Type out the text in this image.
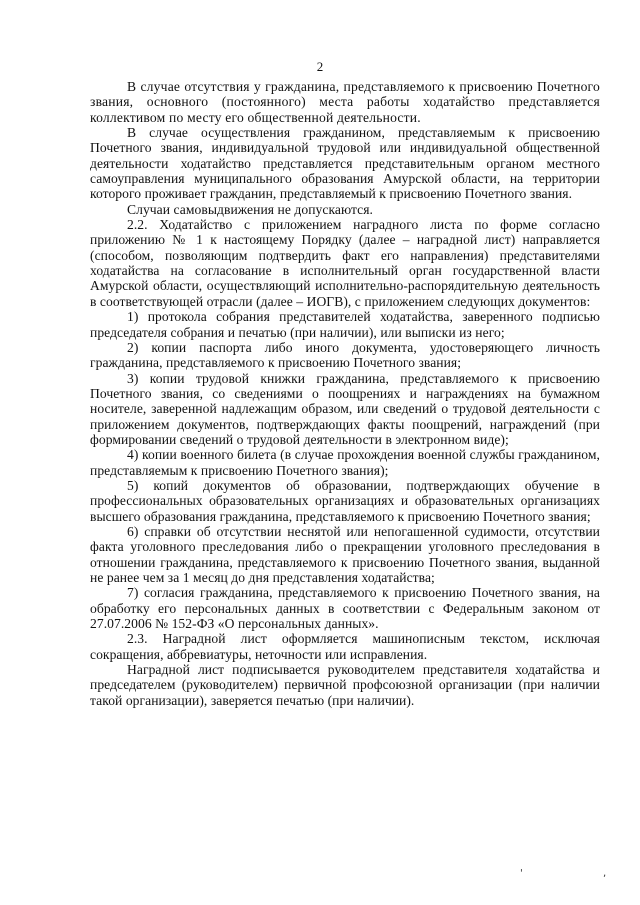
2

В случае отсутствия у гражданина, представляемого к присвоению Почетного звания, основного (постоянного) места работы ходатайство представляется коллективом по месту его общественной деятельности.

В случае осуществления гражданином, представляемым к присвоению Почетного звания, индивидуальной трудовой или индивидуальной общественной деятельности ходатайство представляется представительным органом местного самоуправления муниципального образования Амурской области, на территории которого проживает гражданин, представляемый к присвоению Почетного звания.

Случаи самовыдвижения не допускаются.

2.2. Ходатайство с приложением наградного листа по форме согласно приложению № 1 к настоящему Порядку (далее – наградной лист) направляется (способом, позволяющим подтвердить факт его направления) представителями ходатайства на согласование в исполнительный орган государственной власти Амурской области, осуществляющий исполнительно-распорядительную деятельность в соответствующей отрасли (далее – ИОГВ), с приложением следующих документов:

1) протокола собрания представителей ходатайства, заверенного подписью председателя собрания и печатью (при наличии), или выписки из него;

2) копии паспорта либо иного документа, удостоверяющего личность гражданина, представляемого к присвоению Почетного звания;

3) копии трудовой книжки гражданина, представляемого к присвоению Почетного звания, со сведениями о поощрениях и награждениях на бумажном носителе, заверенной надлежащим образом, или сведений о трудовой деятельности с приложением документов, подтверждающих факты поощрений, награждений (при формировании сведений о трудовой деятельности в электронном виде);

4) копии военного билета (в случае прохождения военной службы гражданином, представляемым к присвоению Почетного звания);

5) копий документов об образовании, подтверждающих обучение в профессиональных образовательных организациях и образовательных организациях высшего образования гражданина, представляемого к присвоению Почетного звания;

6) справки об отсутствии неснятой или непогашенной судимости, отсутствии факта уголовного преследования либо о прекращении уголовного преследования в отношении гражданина, представляемого к присвоению Почетного звания, выданной не ранее чем за 1 месяц до дня представления ходатайства;

7) согласия гражданина, представляемого к присвоению Почетного звания, на обработку его персональных данных в соответствии с Федеральным законом от 27.07.2006 № 152-ФЗ «О персональных данных».

2.3. Наградной лист оформляется машинописным текстом, исключая сокращения, аббревиатуры, неточности или исправления.

Наградной лист подписывается руководителем представителя ходатайства и председателем (руководителем) первичной профсоюзной организации (при наличии такой организации), заверяется печатью (при наличии).

'	,
